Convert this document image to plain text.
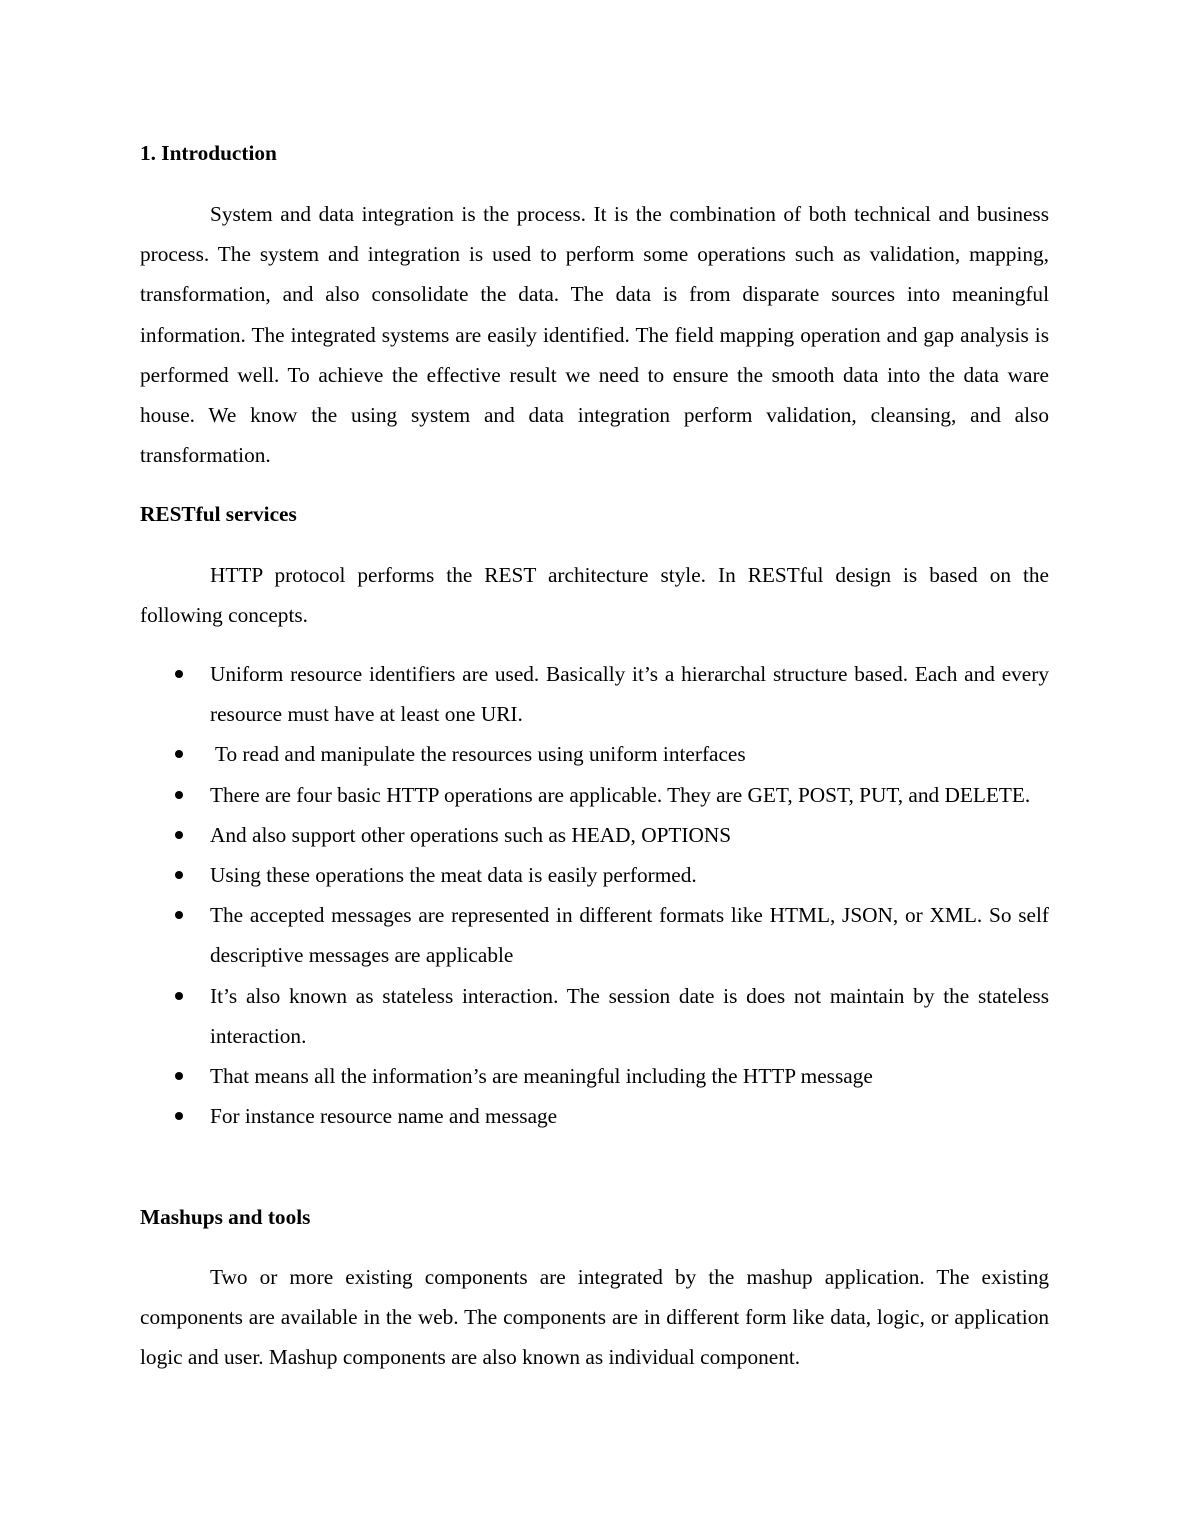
1. Introduction

System and data integration is the process. It is the combination of both technical and business process. The system and integration is used to perform some operations such as validation, mapping, transformation, and also consolidate the data. The data is from disparate sources into meaningful information. The integrated systems are easily identified. The field mapping operation and gap analysis is performed well. To achieve the effective result we need to ensure the smooth data into the data ware house. We know the using system and data integration perform validation, cleansing, and also transformation.

RESTful services

HTTP protocol performs the REST architecture style. In RESTful design is based on the following concepts.

Uniform resource identifiers are used. Basically it’s a hierarchal structure based. Each and every resource must have at least one URI.
To read and manipulate the resources using uniform interfaces
There are four basic HTTP operations are applicable. They are GET, POST, PUT, and DELETE.
And also support other operations such as HEAD, OPTIONS
Using these operations the meat data is easily performed.
The accepted messages are represented in different formats like HTML, JSON, or XML. So self descriptive messages are applicable
It’s also known as stateless interaction. The session date is does not maintain by the stateless interaction.
That means all the information’s are meaningful including the HTTP message
For instance resource name and message
Mashups and tools

Two or more existing components are integrated by the mashup application. The existing components are available in the web. The components are in different form like data, logic, or application logic and user. Mashup components are also known as individual component.
